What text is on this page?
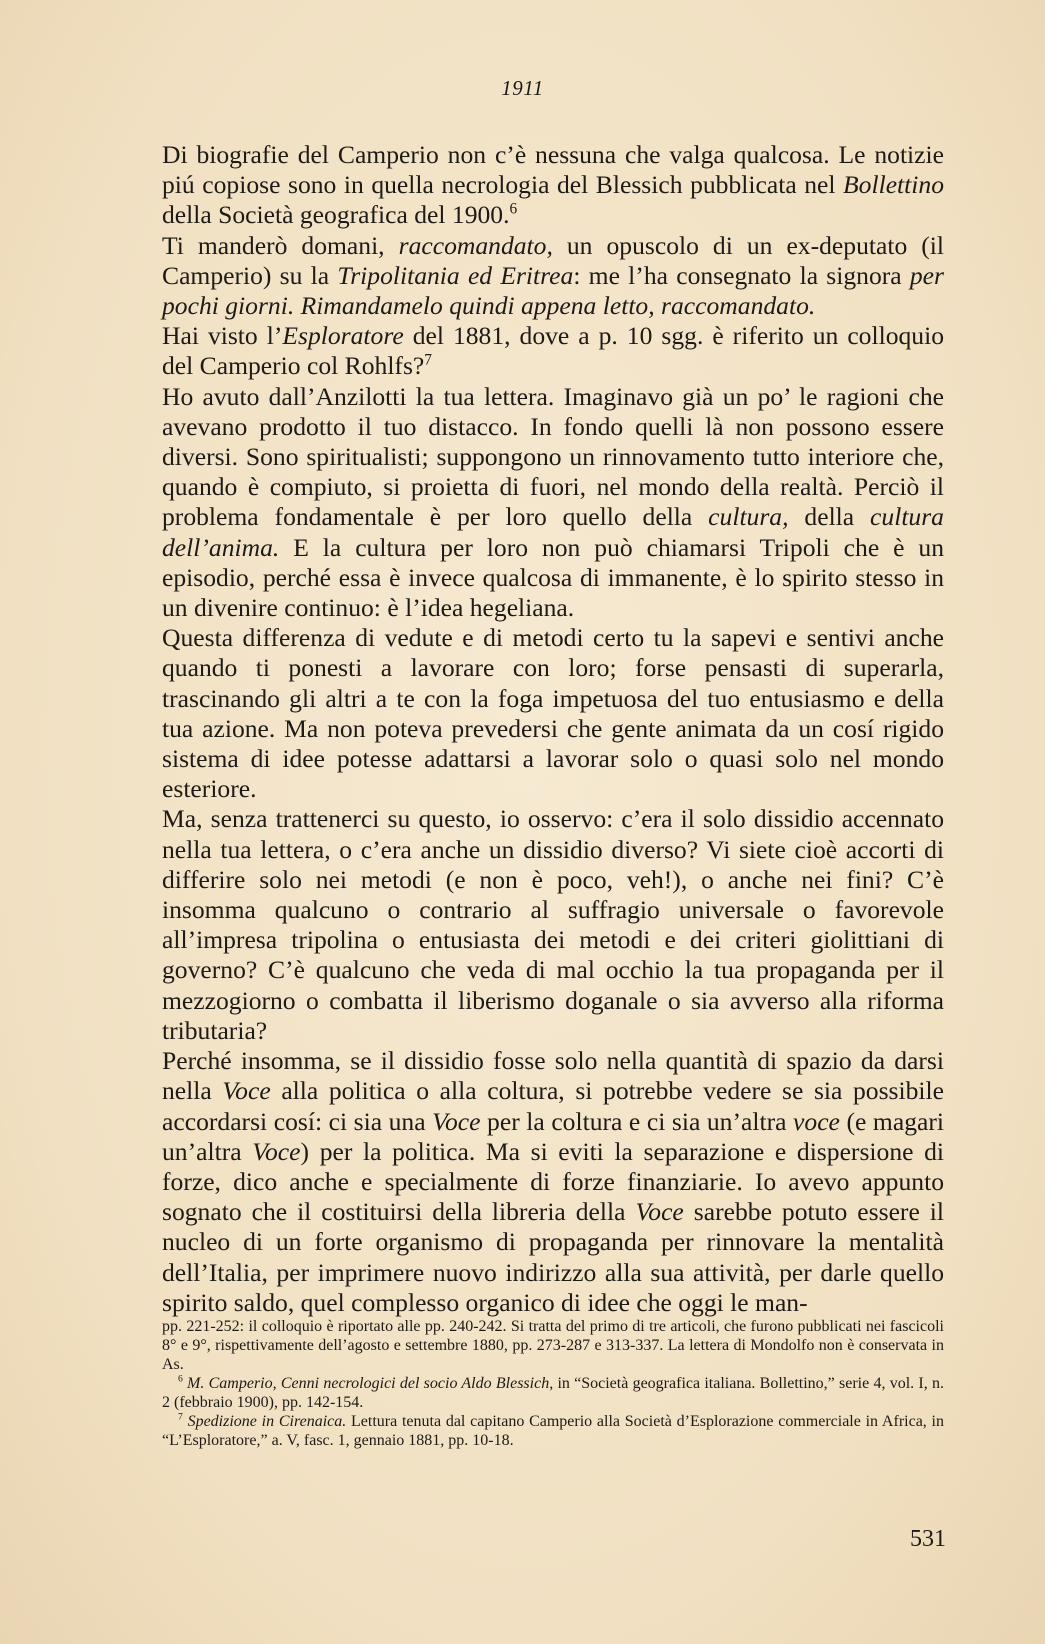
1911

Di biografie del Camperio non c’è nessuna che valga qualcosa. Le notizie piú copiose sono in quella necrologia del Blessich pubblicata nel Bollettino della Società geografica del 1900.$^6$

Ti manderò domani, raccomandato, un opuscolo di un ex-deputato (il Camperio) su la Tripolitania ed Eritrea: me l’ha consegnato la signora per pochi giorni. Rimandamelo quindi appena letto, raccomandato.

Hai visto l’Esploratore del 1881, dove a p. 10 sgg. è riferito un colloquio del Camperio col Rohlfs?$^7$

Ho avuto dall’Anzilotti la tua lettera. Imaginavo già un po’ le ragioni che avevano prodotto il tuo distacco. In fondo quelli là non possono essere diversi. Sono spiritualisti; suppongono un rinnovamento tutto interiore che, quando è compiuto, si proietta di fuori, nel mondo della realtà. Perciò il problema fondamentale è per loro quello della cultura, della cultura dell’anima. E la cultura per loro non può chiamarsi Tripoli che è un episodio, perché essa è invece qualcosa di immanente, è lo spirito stesso in un divenire continuo: è l’idea hegeliana.

Questa differenza di vedute e di metodi certo tu la sapevi e sentivi anche quando ti ponesti a lavorare con loro; forse pensasti di superarla, trascinando gli altri a te con la foga impetuosa del tuo entusiasmo e della tua azione. Ma non poteva prevedersi che gente animata da un cosí rigido sistema di idee potesse adattarsi a lavorar solo o quasi solo nel mondo esteriore.

Ma, senza trattenerci su questo, io osservo: c’era il solo dissidio accennato nella tua lettera, o c’era anche un dissidio diverso? Vi siete cioè accorti di differire solo nei metodi (e non è poco, veh!), o anche nei fini? C’è insomma qualcuno o contrario al suffragio universale o favorevole all’impresa tripolina o entusiasta dei metodi e dei criteri giolittiani di governo? C’è qualcuno che veda di mal occhio la tua propaganda per il mezzogiorno o combatta il liberismo doganale o sia avverso alla riforma tributaria?

Perché insomma, se il dissidio fosse solo nella quantità di spazio da darsi nella Voce alla politica o alla coltura, si potrebbe vedere se sia possibile accordarsi cosí: ci sia una Voce per la coltura e ci sia un’altra voce (e magari un’altra Voce) per la politica. Ma si eviti la separazione e dispersione di forze, dico anche e specialmente di forze finanziarie. Io avevo appunto sognato che il costituirsi della libreria della Voce sarebbe potuto essere il nucleo di un forte organismo di propaganda per rinnovare la mentalità dell’Italia, per imprimere nuovo indirizzo alla sua attività, per darle quello spirito saldo, quel complesso organico di idee che oggi le man-

pp. 221-252: il colloquio è riportato alle pp. 240-242. Si tratta del primo di tre articoli, che furono pubblicati nei fascicoli 8° e 9°, rispettivamente dell’agosto e settembre 1880, pp. 273-287 e 313-337. La lettera di Mondolfo non è conservata in As.

$^6$ M. Camperio, Cenni necrologici del socio Aldo Blessich, in “Società geografica italiana. Bollettino,” serie 4, vol. I, n. 2 (febbraio 1900), pp. 142-154.

$^7$ Spedizione in Cirenaica. Lettura tenuta dal capitano Camperio alla Società d’Esplorazione commerciale in Africa, in “L’Esploratore,” a. V, fasc. 1, gennaio 1881, pp. 10-18.

531
